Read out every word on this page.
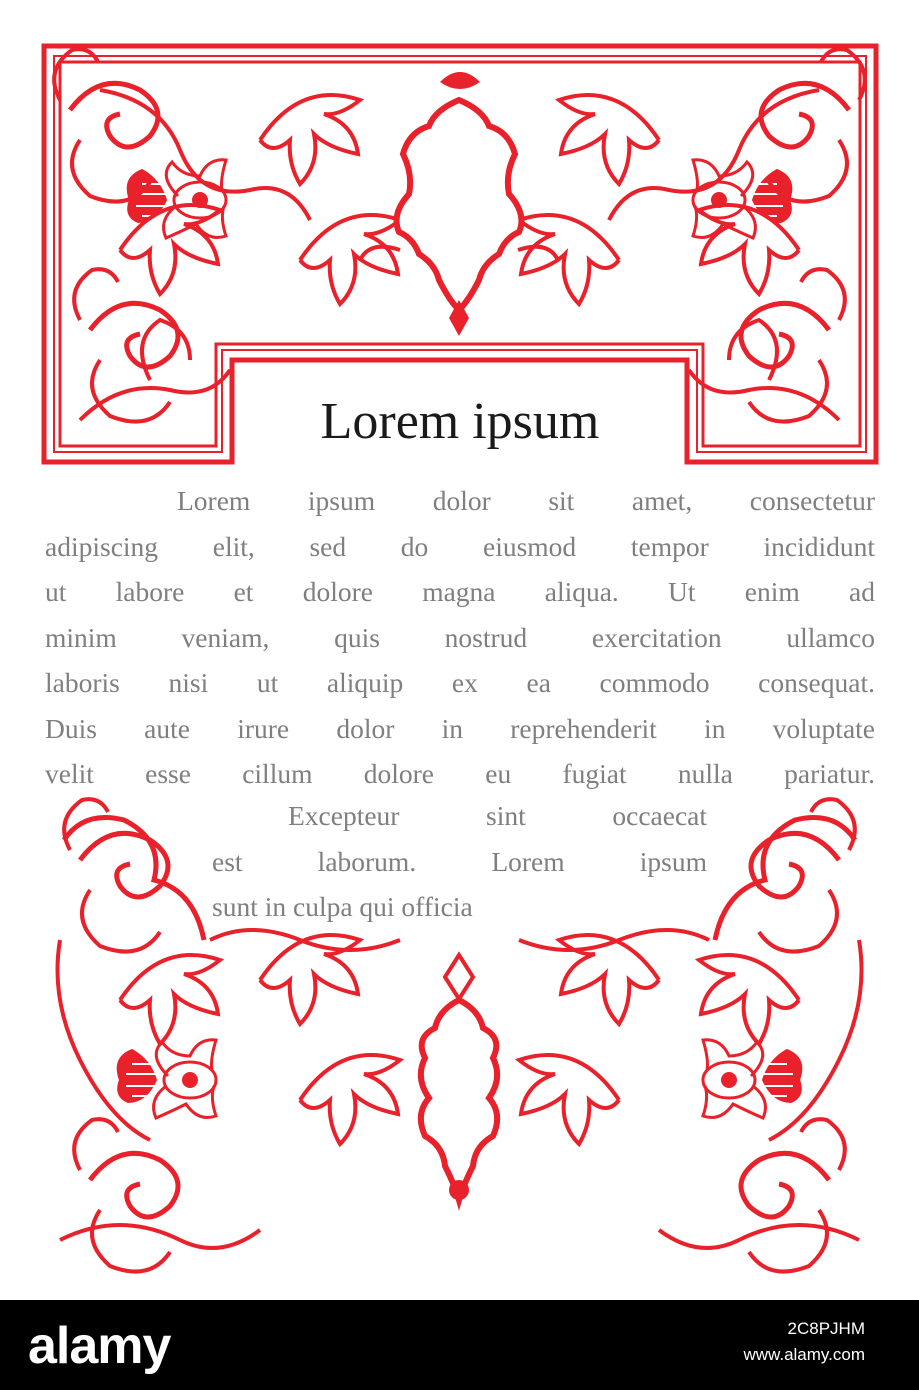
Lorem ipsum
Lorem ipsum dolor sit amet, consectetur
adipiscing elit, sed do eiusmod tempor incididunt
ut labore et dolore magna aliqua. Ut enim ad
minim veniam, quis nostrud exercitation ullamco
laboris nisi ut aliquip ex ea commodo consequat.
Duis aute irure dolor in reprehenderit in voluptate
velit esse cillum dolore eu fugiat nulla pariatur.
Excepteur sint occaecat
est laborum. Lorem ipsum
sunt in culpa qui officia
alamy	2C8PJHM
www.alamy.com
